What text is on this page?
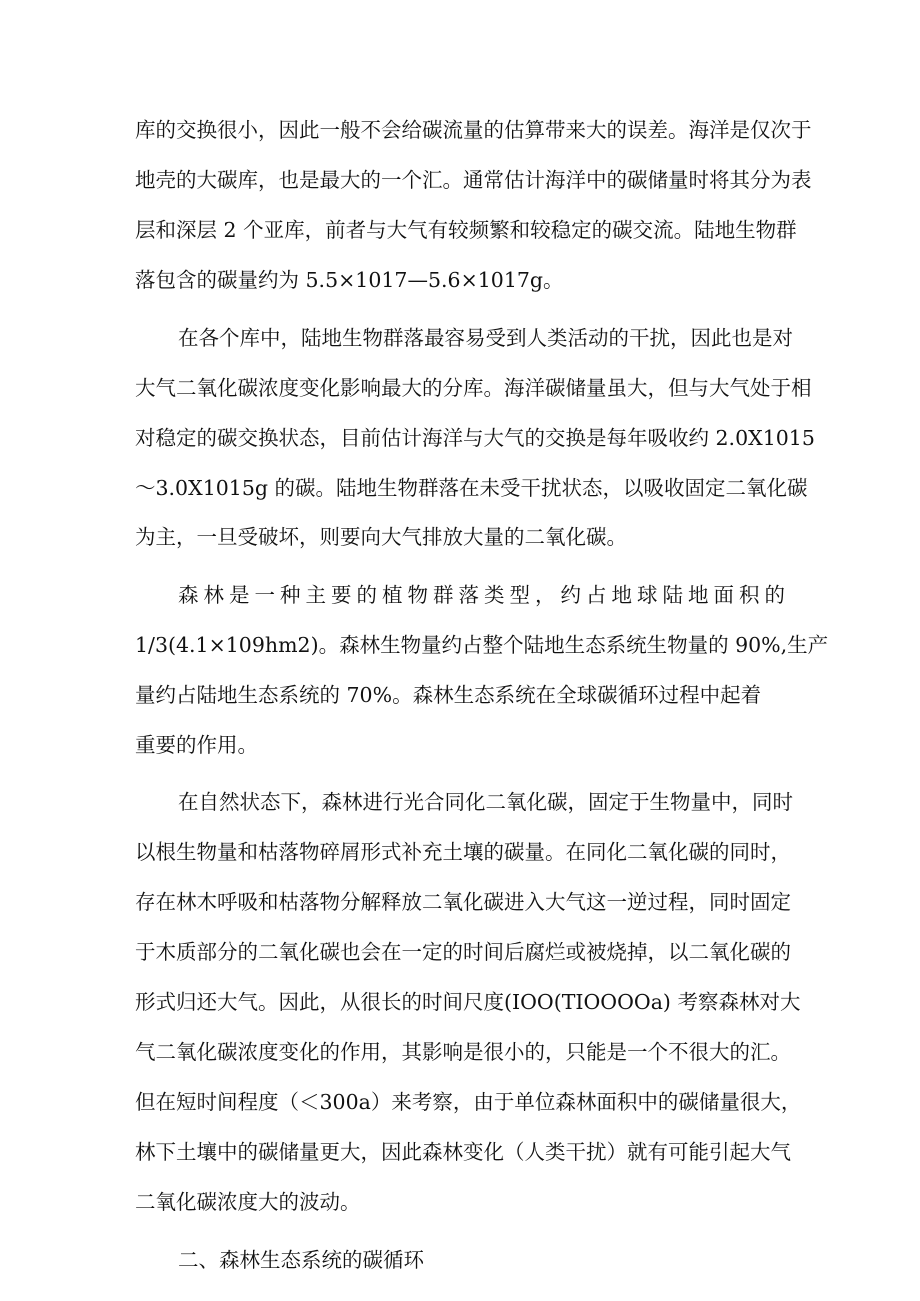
库的交换很小，因此一般不会给碳流量的估算带来大的误差。海洋是仅次于

地壳的大碳库，也是最大的一个汇。通常估计海洋中的碳储量时将其分为表

层和深层 2 个亚库，前者与大气有较频繁和较稳定的碳交流。陆地生物群

落包含的碳量约为 5.5×1017—5.6×1017g。

在各个库中，陆地生物群落最容易受到人类活动的干扰，因此也是对

大气二氧化碳浓度变化影响最大的分库。海洋碳储量虽大，但与大气处于相

对稳定的碳交换状态，目前估计海洋与大气的交换是每年吸收约 2.0X1015

～3.0X1015g 的碳。陆地生物群落在未受干扰状态，以吸收固定二氧化碳

为主，一旦受破坏，则要向大气排放大量的二氧化碳。

森林是一种主要的植物群落类型，约占地球陆地面积的

1/3(4.1×109hm2)。森林生物量约占整个陆地生态系统生物量的 90%,生产

量约占陆地生态系统的 70%。森林生态系统在全球碳循环过程中起着

重要的作用。

在自然状态下，森林进行光合同化二氧化碳，固定于生物量中，同时

以根生物量和枯落物碎屑形式补充土壤的碳量。在同化二氧化碳的同时，

存在林木呼吸和枯落物分解释放二氧化碳进入大气这一逆过程，同时固定

于木质部分的二氧化碳也会在一定的时间后腐烂或被烧掉，以二氧化碳的

形式归还大气。因此，从很长的时间尺度(IOO(TIOOOOa) 考察森林对大

气二氧化碳浓度变化的作用，其影响是很小的，只能是一个不很大的汇。

但在短时间程度（＜300a）来考察，由于单位森林面积中的碳储量很大，

林下土壤中的碳储量更大，因此森林变化（人类干扰）就有可能引起大气

二氧化碳浓度大的波动。

二、森林生态系统的碳循环
